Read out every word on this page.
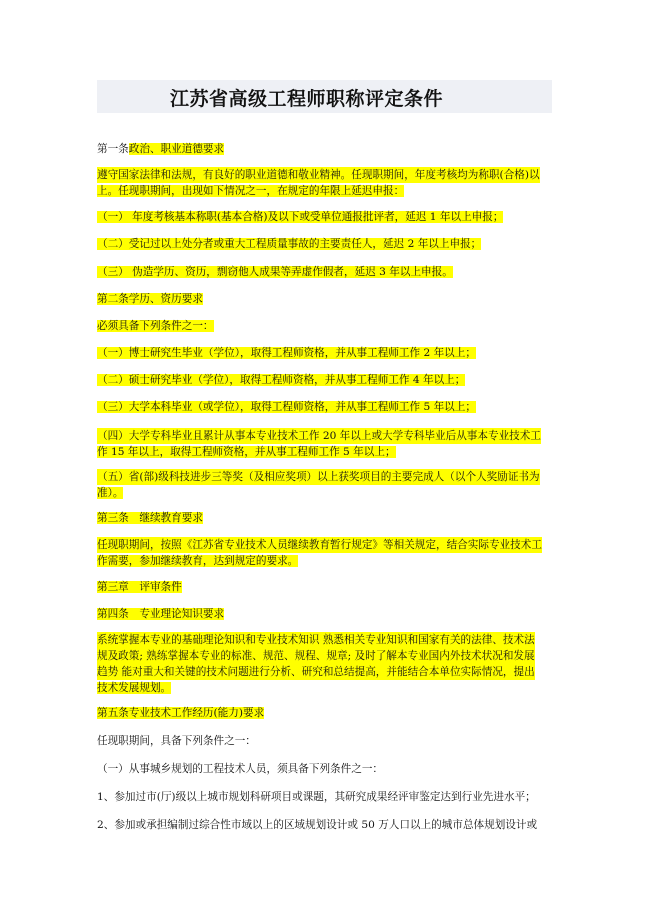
江苏省高级工程师职称评定条件
第一条政治、职业道德要求
遵守国家法律和法规，有良好的职业道德和敬业精神。任现职期间，年度考核均为称职(合格)以
上。任现职期间，出现如下情况之一，在规定的年限上延迟申报：
（一） 年度考核基本称职(基本合格)及以下或受单位通报批评者，延迟 1 年以上申报；
（二）受记过以上处分者或重大工程质量事故的主要责任人，延迟 2 年以上申报；
（三） 伪造学历、资历，剽窃他人成果等弄虚作假者，延迟 3 年以上申报。
第二条学历、资历要求
必须具备下列条件之一：
（一）博士研究生毕业（学位），取得工程师资格，并从事工程师工作 2 年以上；
（二）硕士研究毕业（学位），取得工程师资格，并从事工程师工作 4 年以上；
（三）大学本科毕业（或学位），取得工程师资格，并从事工程师工作 5 年以上；
（四）大学专科毕业且累计从事本专业技术工作 20 年以上或大学专科毕业后从事本专业技术工
作 15 年以上，取得工程师资格，并从事工程师工作 5 年以上；
（五）省(部)级科技进步三等奖（及相应奖项）以上获奖项目的主要完成人（以个人奖励证书为
准）。
第三条　继续教育要求
任现职期间，按照《江苏省专业技术人员继续教育暂行规定》等相关规定，结合实际专业技术工
作需要，参加继续教育，达到规定的要求。
第三章　评审条件
第四条　专业理论知识要求
系统掌握本专业的基础理论知识和专业技术知识 熟悉相关专业知识和国家有关的法律、技术法
规及政策; 熟练掌握本专业的标准、规范、规程、规章; 及时了解本专业国内外技术状况和发展
趋势 能对重大和关键的技术问题进行分析、研究和总结提高，并能结合本单位实际情况，提出
技术发展规划。
第五条专业技术工作经历(能力)要求
任现职期间，具备下列条件之一：
（一）从事城乡规划的工程技术人员，须具备下列条件之一：
1、参加过市(厅)级以上城市规划科研项目或课题，其研究成果经评审鉴定达到行业先进水平；
2、参加或承担编制过综合性市域以上的区域规划设计或 50 万人口以上的城市总体规划设计或
